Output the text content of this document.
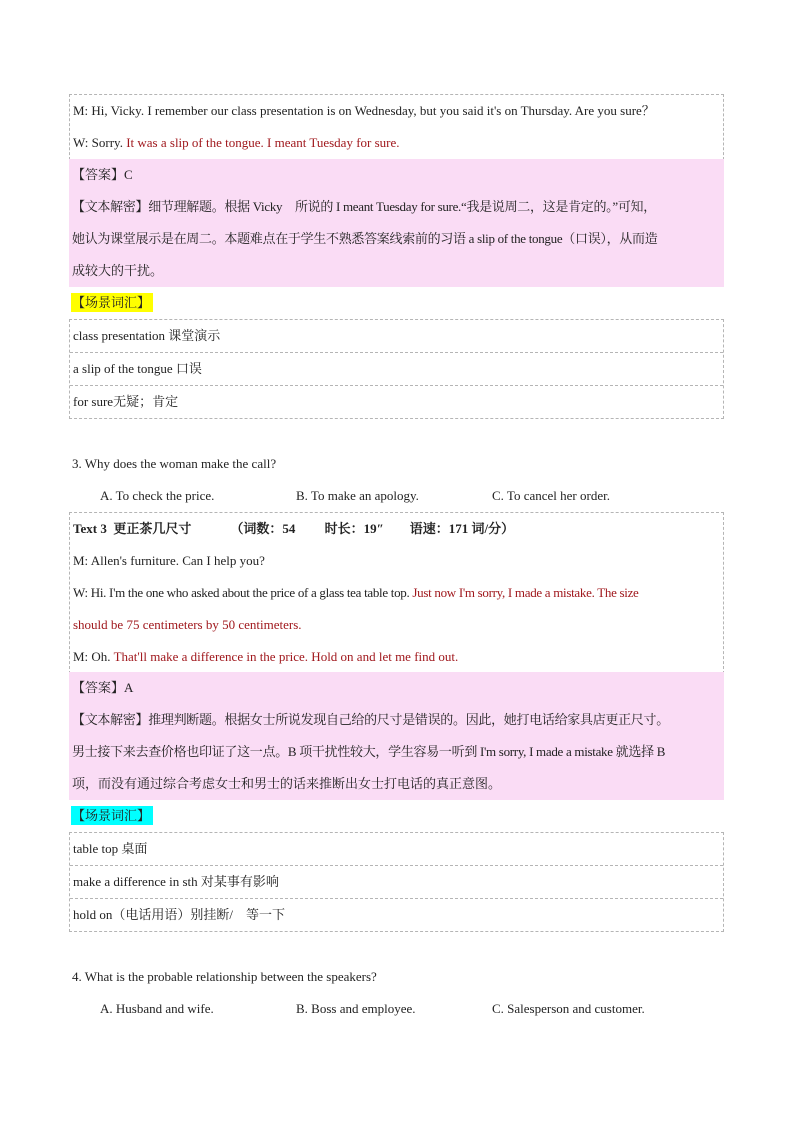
M: Hi, Vicky. I remember our class presentation is on Wednesday, but you said it's on Thursday. Are you sure？
W: Sorry. It was a slip of the tongue. I meant Tuesday for sure.
【答案】C
【文本解密】细节理解题。根据 Vicky　所说的 I meant Tuesday for sure.“我是说周二，这是肯定的。”可知，
她认为课堂展示是在周二。本题难点在于学生不熟悉答案线索前的习语 a slip of the tongue（口误），从而造
成较大的干扰。
【场景词汇】
class presentation 课堂演示
a slip of the tongue 口误
for sure无疑；肯定
3. Why does the woman make the call?
A. To check the price.	B. To make an apology.	C. To cancel her order.
Text 3  更正茶几尺寸            （词数：54         时长：19″        语速：171 词/分）
M: Allen's furniture. Can I help you?
W: Hi. I'm the one who asked about the price of a glass tea table top. Just now I'm sorry, I made a mistake. The size
should be 75 centimeters by 50 centimeters.
M: Oh. That'll make a difference in the price. Hold on and let me find out.
【答案】A
【文本解密】推理判断题。根据女士所说发现自己给的尺寸是错误的。因此，她打电话给家具店更正尺寸。
男士接下来去查价格也印证了这一点。B 项干扰性较大，学生容易一听到 I'm sorry, I made a mistake 就选择 B
项，而没有通过综合考虑女士和男士的话来推断出女士打电话的真正意图。
【场景词汇】
table top 桌面
make a difference in sth 对某事有影响
hold on（电话用语）别挂断/　等一下
4. What is the probable relationship between the speakers?
A. Husband and wife.	B. Boss and employee.	C. Salesperson and customer.
